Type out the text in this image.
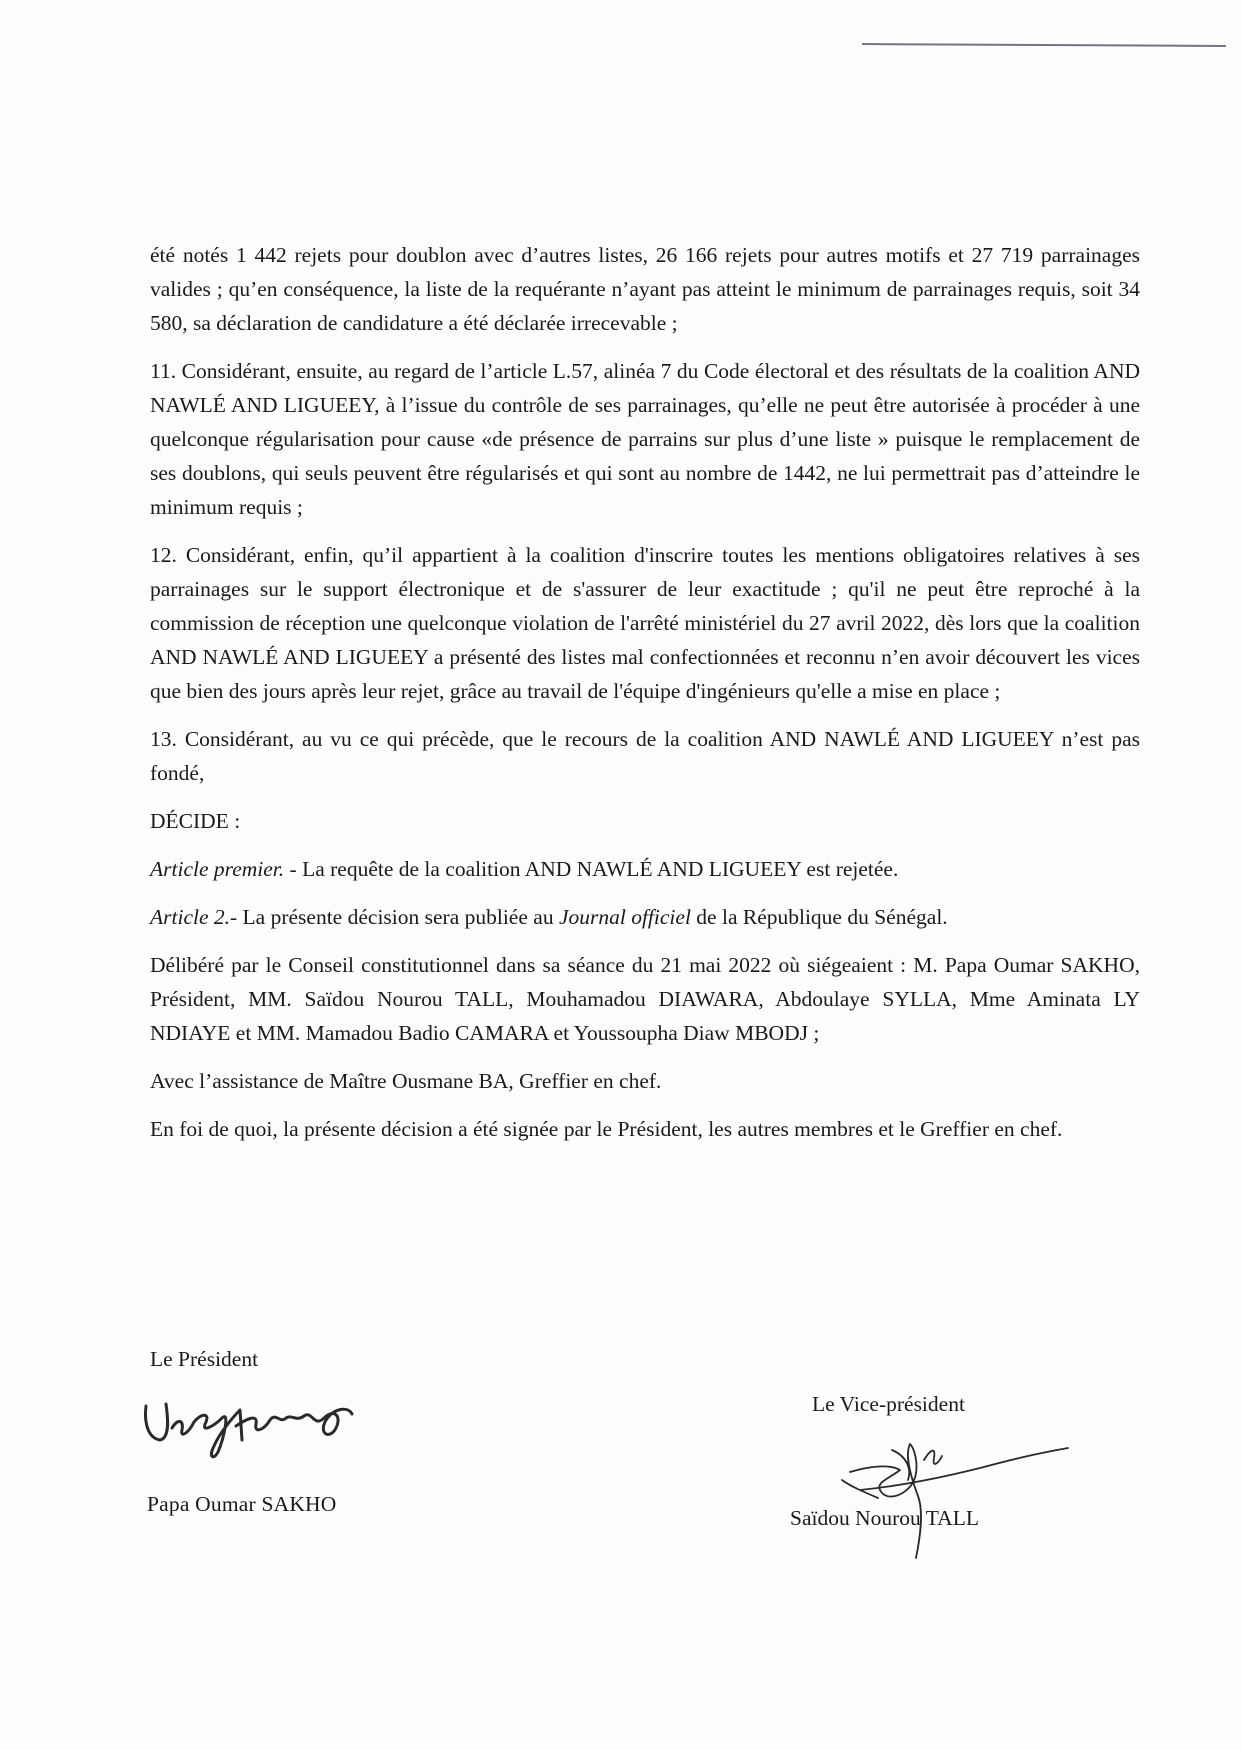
été notés 1 442 rejets pour doublon avec d’autres listes, 26 166 rejets pour autres motifs et 27 719 parrainages valides ; qu’en conséquence, la liste de la requérante n’ayant pas atteint le minimum de parrainages requis, soit 34 580, sa déclaration de candidature a été déclarée irrecevable ;

11. Considérant, ensuite, au regard de l’article L.57, alinéa 7 du Code électoral et des résultats de la coalition AND NAWLÉ AND LIGUEEY, à l’issue du contrôle de ses parrainages, qu’elle ne peut être autorisée à procéder à une quelconque régularisation pour cause «de présence de parrains sur plus d’une liste » puisque le remplacement de ses doublons, qui seuls peuvent être régularisés et qui sont au nombre de 1442, ne lui permettrait pas d’atteindre le minimum requis ;

12. Considérant, enfin, qu’il appartient à la coalition d'inscrire toutes les mentions obligatoires relatives à ses parrainages sur le support électronique et de s'assurer de leur exactitude ; qu'il ne peut être reproché à la commission de réception une quelconque violation de l'arrêté ministériel du 27 avril 2022, dès lors que la coalition AND NAWLÉ AND LIGUEEY a présenté des listes mal confectionnées et reconnu n’en avoir découvert les vices que bien des jours après leur rejet, grâce au travail de l'équipe d'ingénieurs qu'elle a mise en place ;

13. Considérant, au vu ce qui précède, que le recours de la coalition AND NAWLÉ AND LIGUEEY n’est pas fondé,

DÉCIDE :

Article premier. - La requête de la coalition AND NAWLÉ AND LIGUEEY est rejetée.

Article 2.- La présente décision sera publiée au Journal officiel de la République du Sénégal.

Délibéré par le Conseil constitutionnel dans sa séance du 21 mai 2022 où siégeaient : M. Papa Oumar SAKHO, Président, MM. Saïdou Nourou TALL, Mouhamadou DIAWARA, Abdoulaye SYLLA, Mme Aminata LY NDIAYE et MM. Mamadou Badio CAMARA et Youssoupha Diaw MBODJ ;

Avec l’assistance de Maître Ousmane BA, Greffier en chef.

En foi de quoi, la présente décision a été signée par le Président, les autres membres et le Greffier en chef.

Le Président
Papa Oumar SAKHO
Le Vice-président
Saïdou Nourou TALL
